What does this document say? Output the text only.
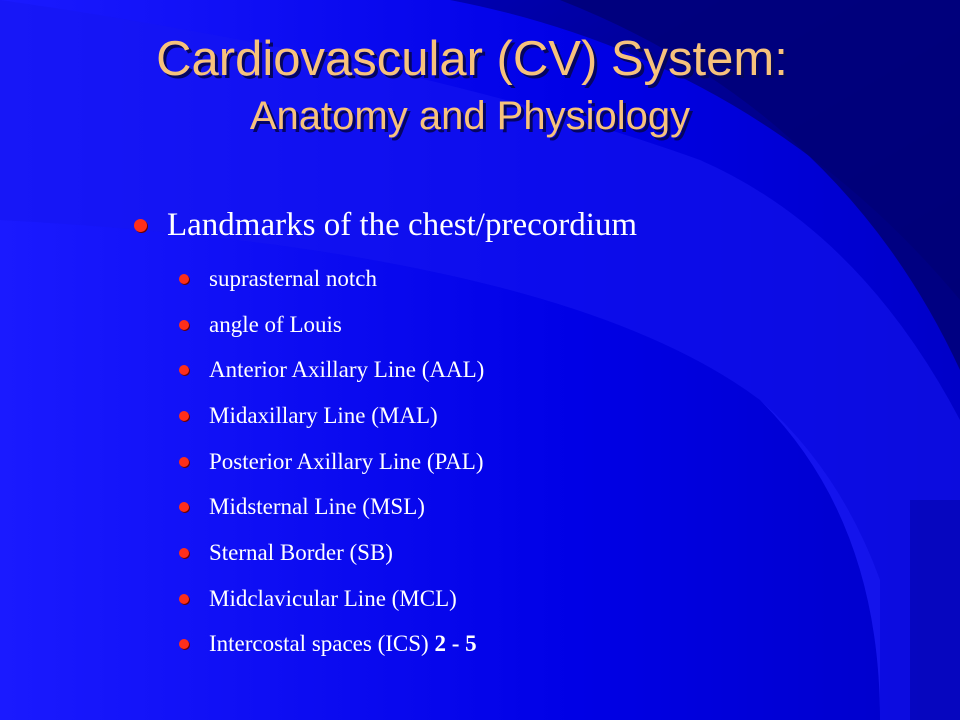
Cardiovascular (CV) System:
Anatomy and Physiology
Landmarks of the chest/precordium
suprasternal notch
angle of Louis
Anterior Axillary Line (AAL)
Midaxillary Line (MAL)
Posterior Axillary Line (PAL)
Midsternal Line (MSL)
Sternal Border (SB)
Midclavicular Line (MCL)
Intercostal spaces (ICS) 2 - 5
